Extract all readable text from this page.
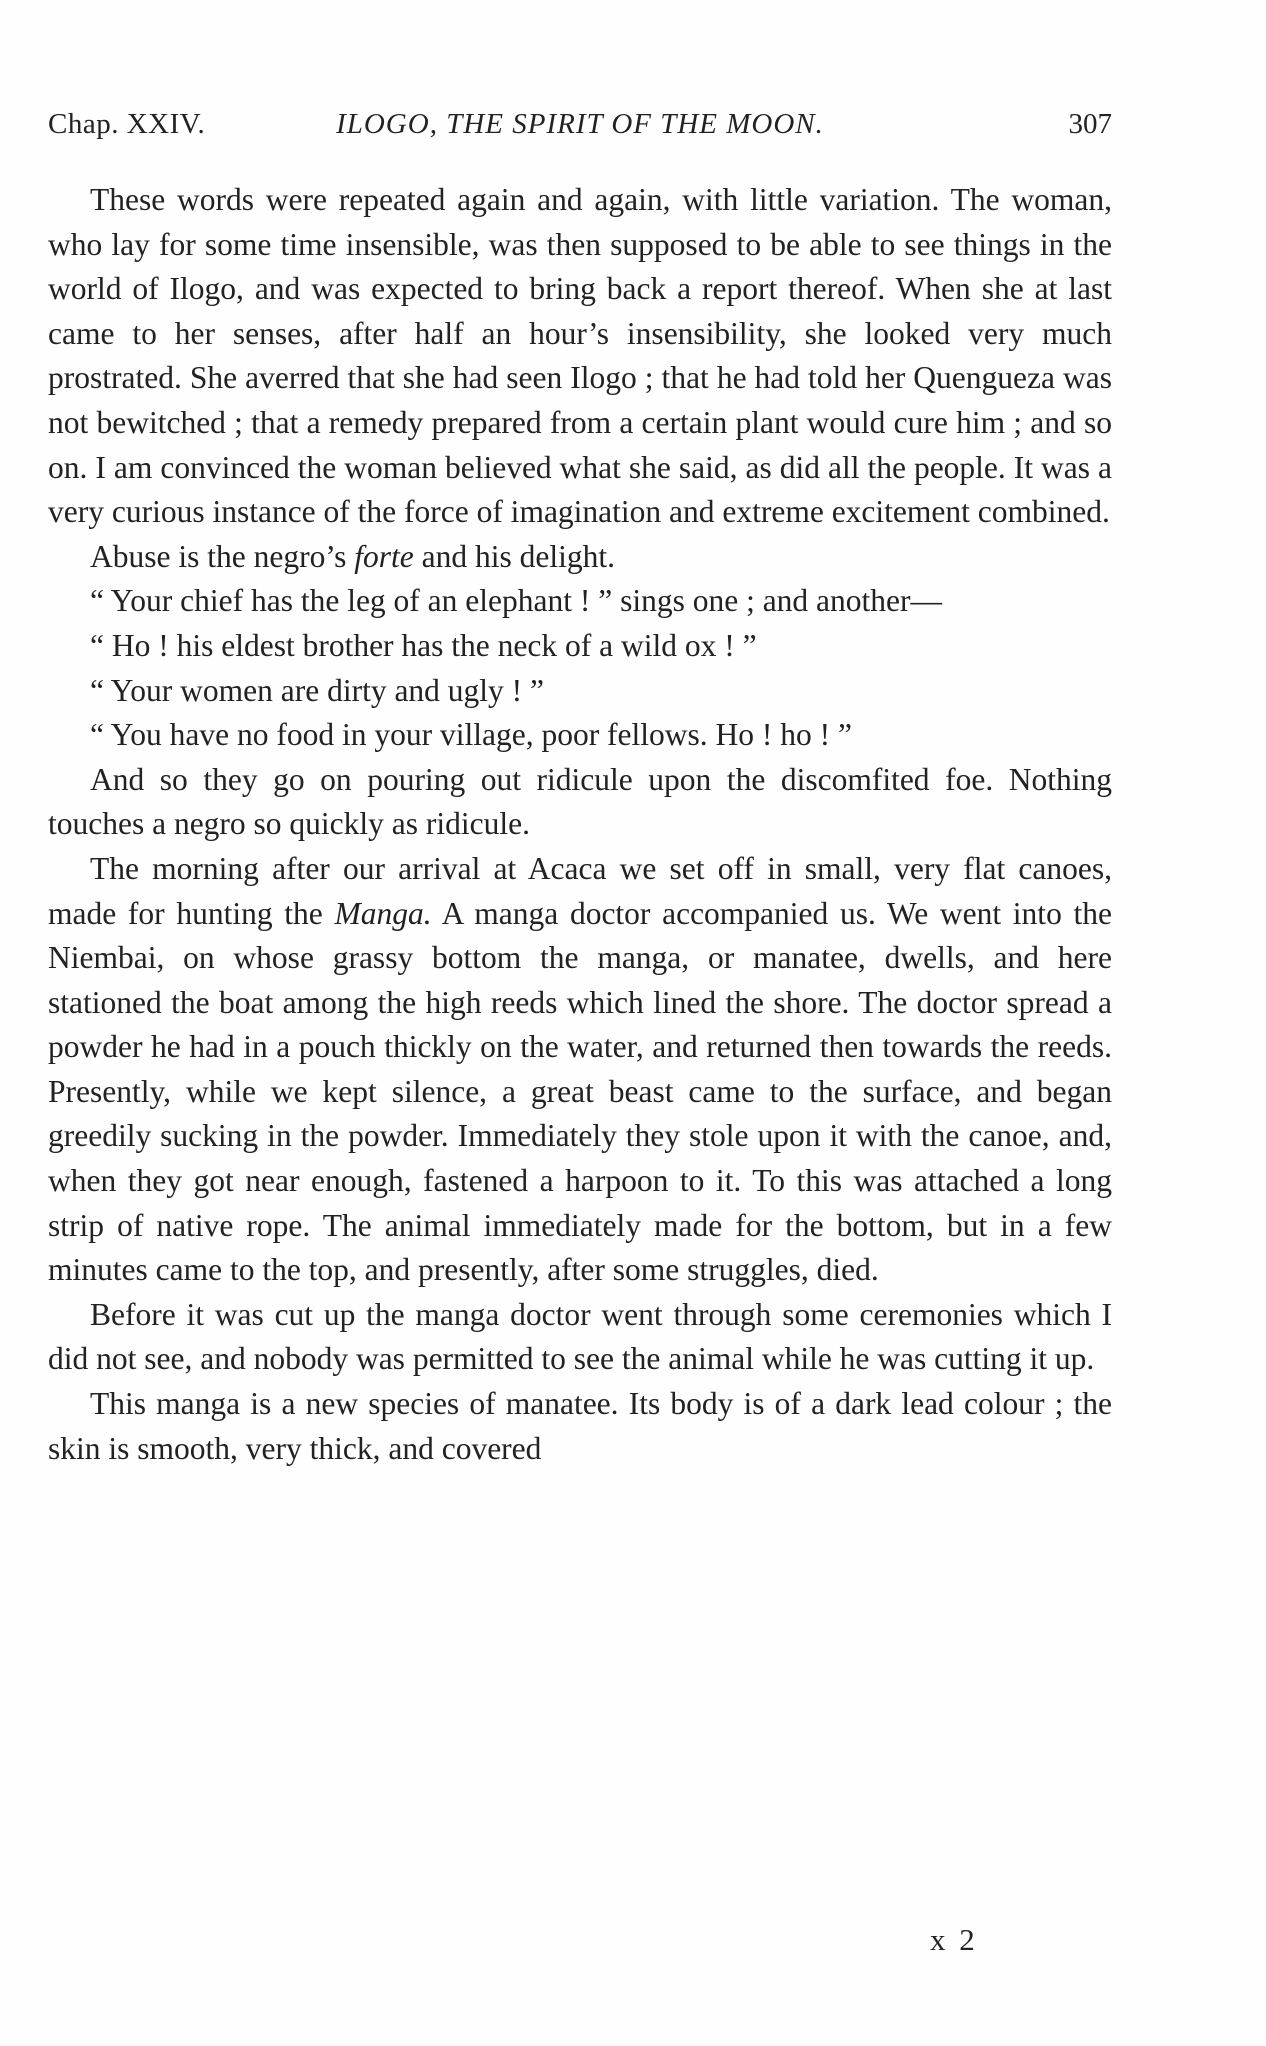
Chap. XXIV.	ILOGO, THE SPIRIT OF THE MOON.	307

These words were repeated again and again, with little variation. The woman, who lay for some time insensible, was then supposed to be able to see things in the world of Ilogo, and was expected to bring back a report thereof. When she at last came to her senses, after half an hour’s insensibility, she looked very much prostrated. She averred that she had seen Ilogo ; that he had told her Quengueza was not bewitched ; that a remedy prepared from a certain plant would cure him ; and so on. I am convinced the woman believed what she said, as did all the people. It was a very curious instance of the force of imagination and extreme excitement combined.

Abuse is the negro’s forte and his delight.

“ Your chief has the leg of an elephant ! ” sings one ; and another—

“ Ho ! his eldest brother has the neck of a wild ox ! ”

“ Your women are dirty and ugly ! ”

“ You have no food in your village, poor fellows. Ho ! ho ! ”

And so they go on pouring out ridicule upon the discomfited foe. Nothing touches a negro so quickly as ridicule.

The morning after our arrival at Acaca we set off in small, very flat canoes, made for hunting the Manga. A manga doctor accompanied us. We went into the Niembai, on whose grassy bottom the manga, or manatee, dwells, and here stationed the boat among the high reeds which lined the shore. The doctor spread a powder he had in a pouch thickly on the water, and returned then towards the reeds. Presently, while we kept silence, a great beast came to the surface, and began greedily sucking in the powder. Immediately they stole upon it with the canoe, and, when they got near enough, fastened a harpoon to it. To this was attached a long strip of native rope. The animal immediately made for the bottom, but in a few minutes came to the top, and presently, after some struggles, died.

Before it was cut up the manga doctor went through some ceremonies which I did not see, and nobody was permitted to see the animal while he was cutting it up.

This manga is a new species of manatee. Its body is of a dark lead colour ; the skin is smooth, very thick, and covered

x 2
